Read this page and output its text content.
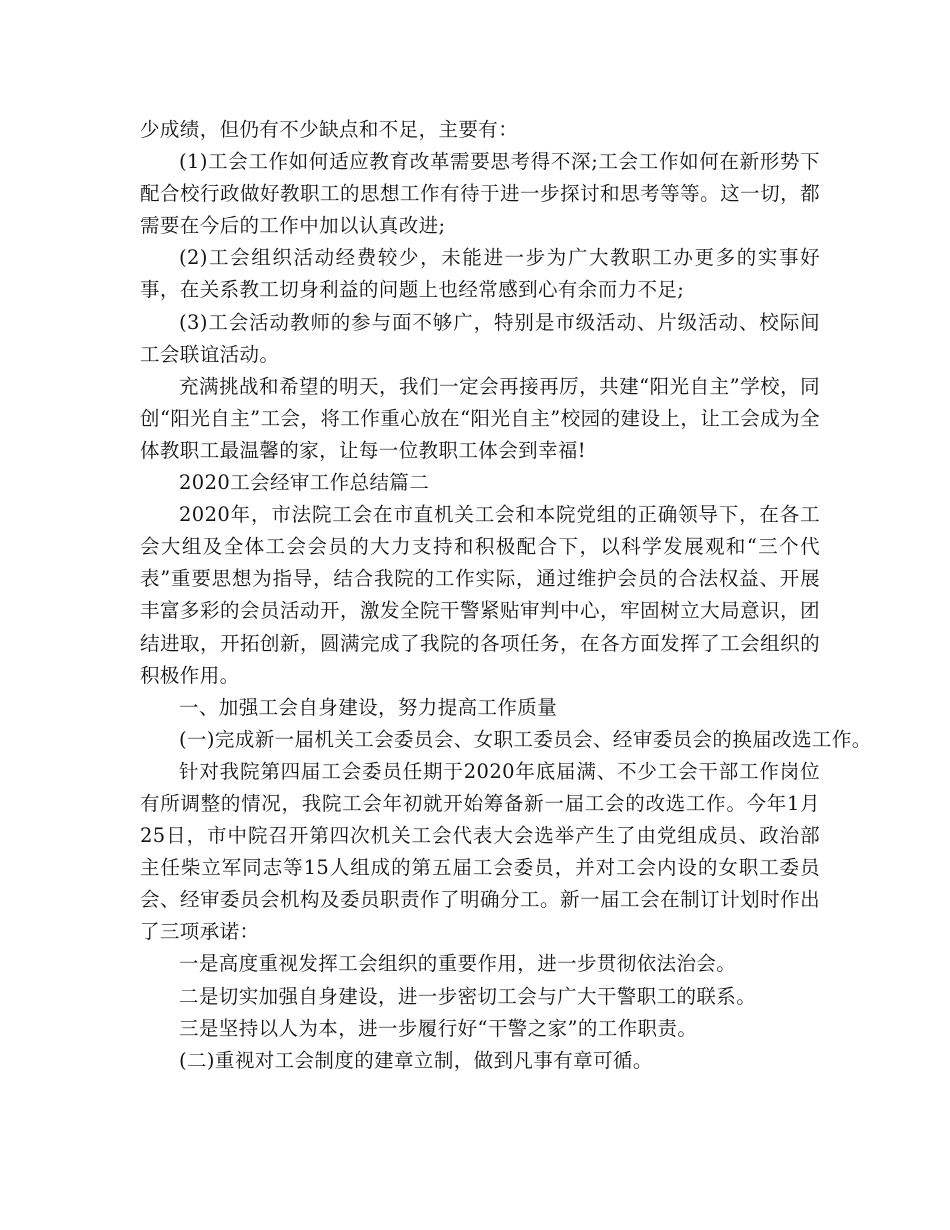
少成绩，但仍有不少缺点和不足，主要有：

(1)工会工作如何适应教育改革需要思考得不深;工会工作如何在新形势下配合校行政做好教职工的思想工作有待于进一步探讨和思考等等。这一切，都需要在今后的工作中加以认真改进;

(2)工会组织活动经费较少，未能进一步为广大教职工办更多的实事好事，在关系教工切身利益的问题上也经常感到心有余而力不足;

(3)工会活动教师的参与面不够广，特别是市级活动、片级活动、校际间工会联谊活动。

充满挑战和希望的明天，我们一定会再接再厉，共建“阳光自主”学校，同创“阳光自主”工会，将工作重心放在“阳光自主”校园的建设上，让工会成为全体教职工最温馨的家，让每一位教职工体会到幸福!

2020工会经审工作总结篇二

2020年，市法院工会在市直机关工会和本院党组的正确领导下，在各工会大组及全体工会会员的大力支持和积极配合下，以科学发展观和“三个代表”重要思想为指导，结合我院的工作实际，通过维护会员的合法权益、开展丰富多彩的会员活动开，激发全院干警紧贴审判中心，牢固树立大局意识，团结进取，开拓创新，圆满完成了我院的各项任务，在各方面发挥了工会组织的积极作用。

一、加强工会自身建设，努力提高工作质量

(一)完成新一届机关工会委员会、女职工委员会、经审委员会的换届改选工作。

针对我院第四届工会委员任期于2020年底届满、不少工会干部工作岗位有所调整的情况，我院工会年初就开始筹备新一届工会的改选工作。今年1月25日，市中院召开第四次机关工会代表大会选举产生了由党组成员、政治部主任柴立军同志等15人组成的第五届工会委员，并对工会内设的女职工委员会、经审委员会机构及委员职责作了明确分工。新一届工会在制订计划时作出了三项承诺：

一是高度重视发挥工会组织的重要作用，进一步贯彻依法治会。

二是切实加强自身建设，进一步密切工会与广大干警职工的联系。

三是坚持以人为本，进一步履行好“干警之家”的工作职责。

(二)重视对工会制度的建章立制，做到凡事有章可循。
